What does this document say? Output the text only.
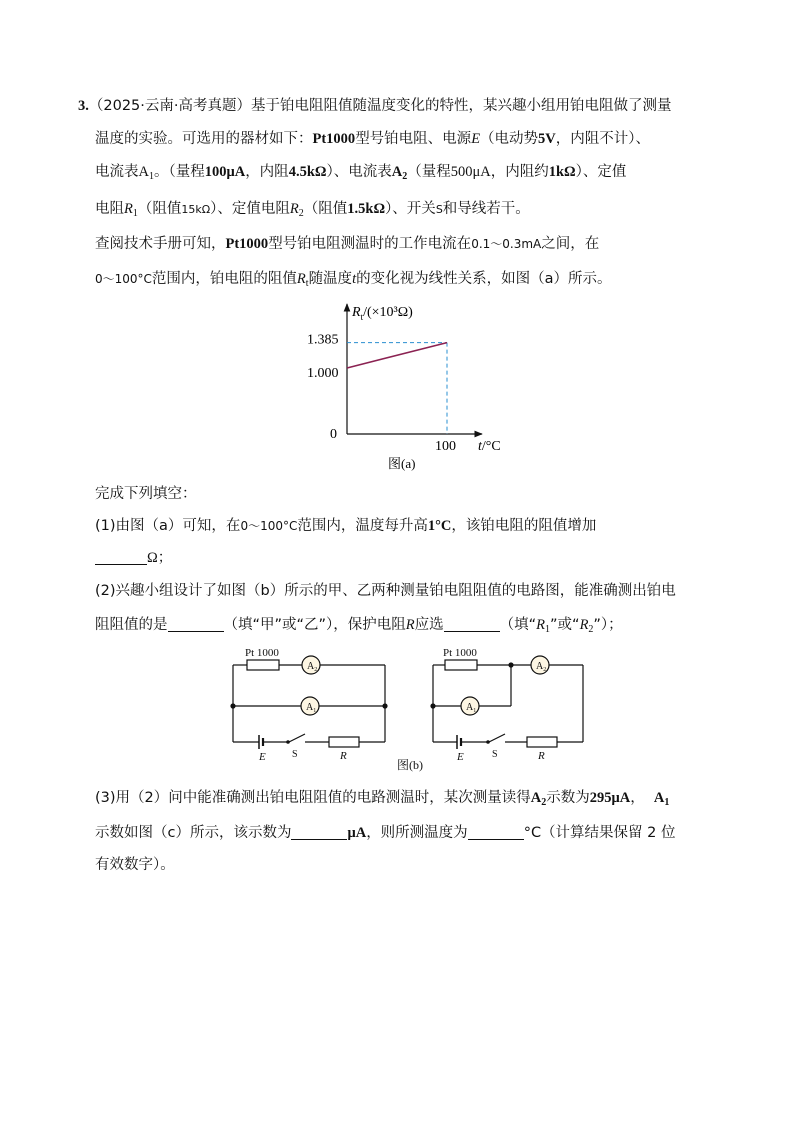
3.（2025·云南·高考真题）基于铂电阻阻值随温度变化的特性，某兴趣小组用铂电阻做了测量
温度的实验。可选用的器材如下：Pt1000型号铂电阻、电源E（电动势5V，内阻不计）、
电流表$A_1$。（量程100μA，内阻4.5kΩ）、电流表$A_2$（量程500μA，内阻约1kΩ）、定值
电阻$R_1$（阻值15kΩ）、定值电阻$R_2$（阻值1.5kΩ）、开关S和导线若干。
查阅技术手册可知，Pt1000型号铂电阻测温时的工作电流在0.1～0.3mA之间，在
0～100°C范围内，铂电阻的阻值$R_t$随温度t的变化视为线性关系，如图（a）所示。
1.000
1.385
100
$R_t/(\times 10^3\Omega)$
t/°C
0
图(a)
完成下列填空：
(1)由图（a）可知，在0～100°C范围内，温度每升高1°C，该铂电阻的阻值增加
Ω；
(2)兴趣小组设计了如图（b）所示的甲、乙两种测量铂电阻阻值的电路图，能准确测出铂电
阻阻值的是	（填“甲”或“乙”），保护电阻R应选	（填“$R_1$”或“$R_2$”）；
$A_2$
$A_1$
$A_2$
$A_1$
Pt 1000	Pt 1000
E	E
S	S
R	R
图(b)
(3)用（2）问中能准确测出铂电阻阻值的电路测温时，某次测量读得$A_2$示数为295μA， $A_1$
示数如图（c）所示，该示数为	μA，则所测温度为	°C（计算结果保留 2 位
有效数字）。
